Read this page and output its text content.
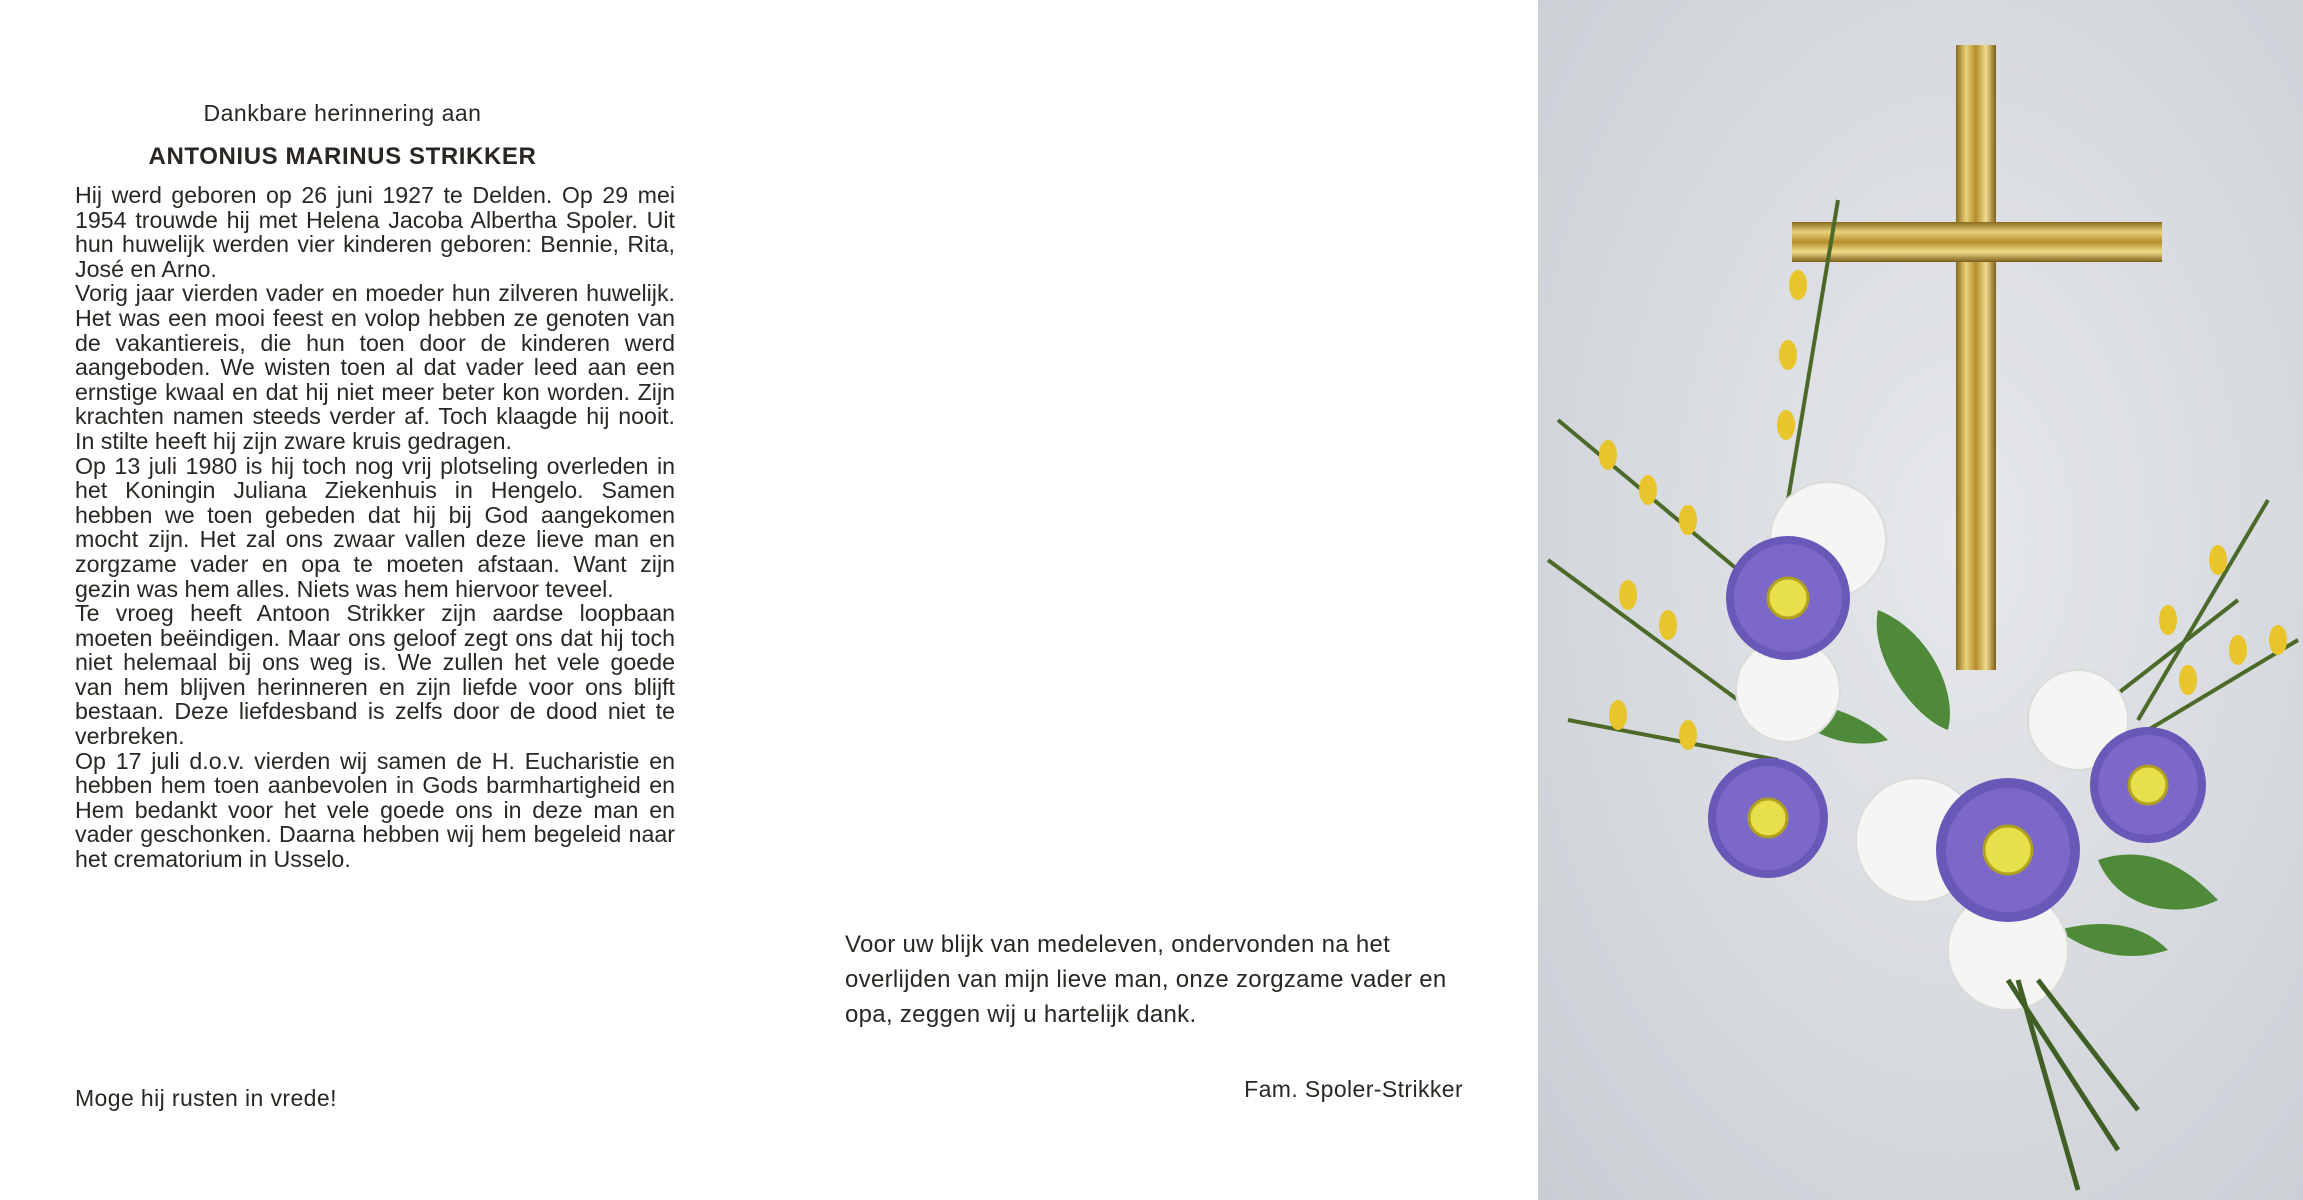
Dankbare herinnering aan
ANTONIUS MARINUS STRIKKER

Hij werd geboren op 26 juni 1927 te Delden. Op 29 mei 1954 trouwde hij met Helena Jacoba Albertha Spoler. Uit hun huwelijk werden vier kinderen geboren: Bennie, Rita, José en Arno.

Vorig jaar vierden vader en moeder hun zilveren huwelijk. Het was een mooi feest en volop hebben ze genoten van de vakantiereis, die hun toen door de kinderen werd aangeboden. We wisten toen al dat vader leed aan een ernstige kwaal en dat hij niet meer beter kon worden. Zijn krachten namen steeds verder af. Toch klaagde hij nooit. In stilte heeft hij zijn zware kruis gedragen.

Op 13 juli 1980 is hij toch nog vrij plotseling overleden in het Koningin Juliana Ziekenhuis in Hengelo. Samen hebben we toen gebeden dat hij bij God aangekomen mocht zijn. Het zal ons zwaar vallen deze lieve man en zorgzame vader en opa te moeten afstaan. Want zijn gezin was hem alles. Niets was hem hiervoor teveel.

Te vroeg heeft Antoon Strikker zijn aardse loopbaan moeten beëindigen. Maar ons geloof zegt ons dat hij toch niet helemaal bij ons weg is. We zullen het vele goede van hem blijven herinneren en zijn liefde voor ons blijft bestaan. Deze liefdesband is zelfs door de dood niet te verbreken.

Op 17 juli d.o.v. vierden wij samen de H. Eucharistie en hebben hem toen aanbevolen in Gods barmhartigheid en Hem bedankt voor het vele goede ons in deze man en vader geschonken. Daarna hebben wij hem begeleid naar het crematorium in Usselo.

Moge hij rusten in vrede!
Voor uw blijk van medeleven, ondervonden na het overlijden van mijn lieve man, onze zorgzame vader en opa, zeggen wij u hartelijk dank.
Fam. Spoler-Strikker
